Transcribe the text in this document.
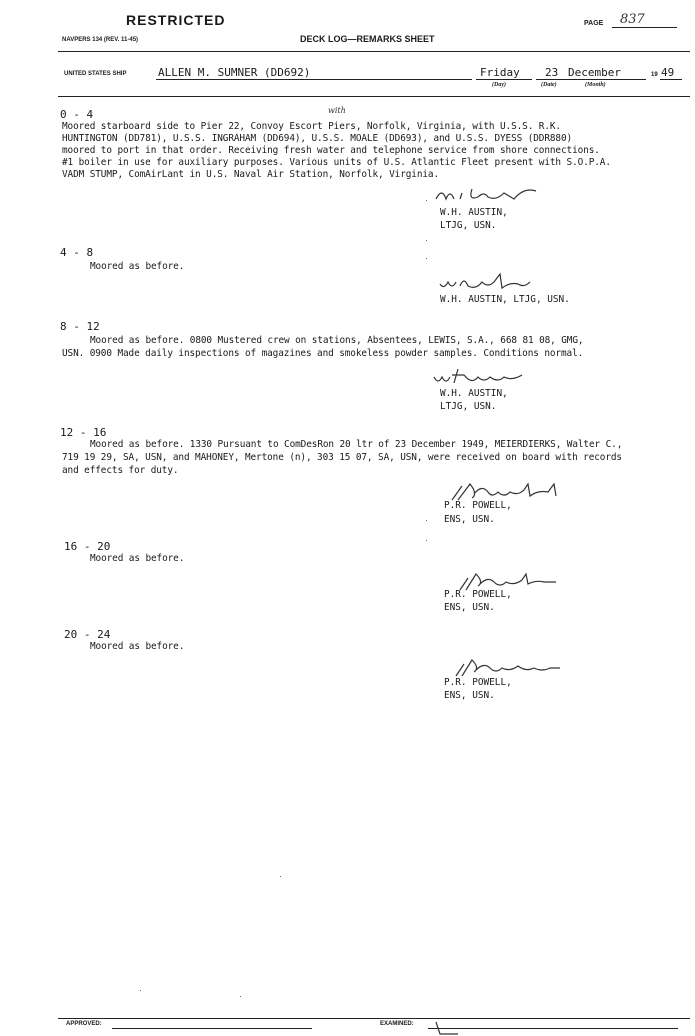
RESTRICTED	PAGE 837
NAVPERS 134 (REV. 11-45)	DECK LOG—REMARKS SHEET
UNITED STATES SHIP	ALLEN M. SUMNER (DD692)	Friday
(Day)
23
(Date)
December
(Month)
19 49
0 - 4	with
Moored starboard side to Pier 22, Convoy Escort Piers, Norfolk, Virginia, with U.S.S. R.K.
HUNTINGTON (DD781), U.S.S. INGRAHAM (DD694), U.S.S. MOALE (DD693), and U.S.S. DYESS (DDR880)
moored to port in that order. Receiving fresh water and telephone service from shore connections.
#1 boiler in use for auxiliary purposes. Various units of U.S. Atlantic Fleet present with S.O.P.A.
VADM STUMP, ComAirLant in U.S. Naval Air Station, Norfolk, Virginia.
W.H. AUSTIN,
LTJG, USN.
4 - 8
Moored as before.
W.H. AUSTIN, LTJG, USN.
8 - 12
Moored as before. 0800 Mustered crew on stations, Absentees, LEWIS, S.A., 668 81 08, GMG,
USN. 0900 Made daily inspections of magazines and smokeless powder samples. Conditions normal.
W.H. AUSTIN,
LTJG, USN.
12 - 16
Moored as before. 1330 Pursuant to ComDesRon 20 ltr of 23 December 1949, MEIERDIERKS, Walter C.,
719 19 29, SA, USN, and MAHONEY, Mertone (n), 303 15 07, SA, USN, were received on board with records
and effects for duty.
P.R. POWELL,
ENS, USN.
16 - 20
Moored as before.
P.R. POWELL,
ENS, USN.
20 - 24
Moored as before.
P.R. POWELL,
ENS, USN.
APPROVED:	EXAMINED:
